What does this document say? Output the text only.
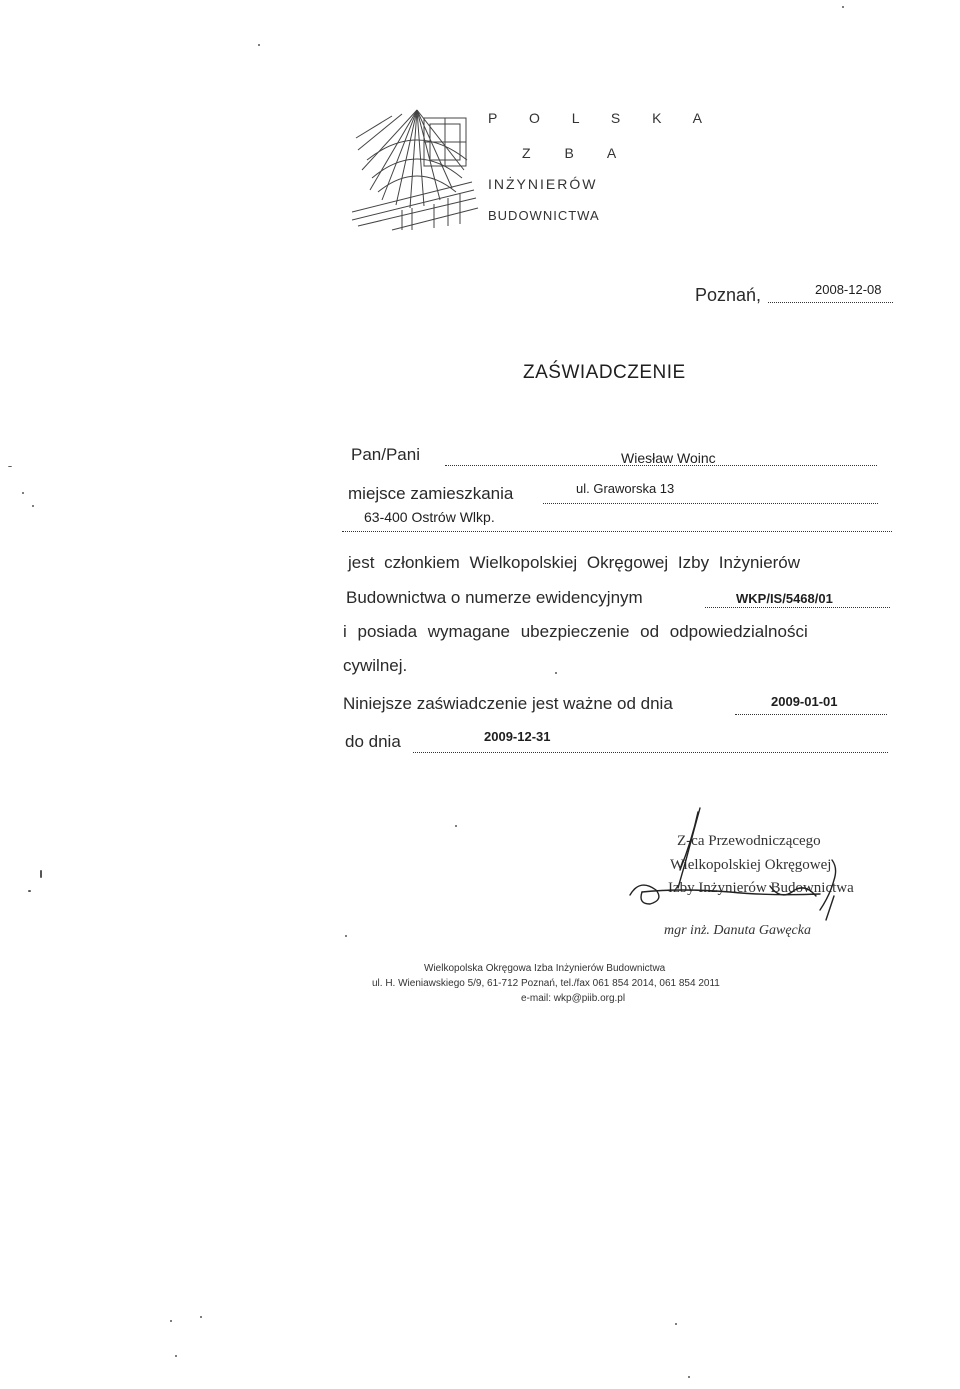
P O L S K A
Z B A
INŻYNIERÓW
BUDOWNICTWA
Poznań,	2008-12-08
ZAŚWIADCZENIE
Pan/Pani	Wiesław Woinc
miejsce zamieszkania	ul. Graworska 13
63-400 Ostrów Wlkp.
jest członkiem Wielkopolskiej Okręgowej Izby Inżynierów
Budownictwa o numerze ewidencyjnym	WKP/IS/5468/01
i posiada wymagane ubezpieczenie od odpowiedzialności
cywilnej.
Niniejsze zaświadczenie jest ważne od dnia	2009-01-01
do dnia	2009-12-31
Z-ca Przewodniczącego
Wielkopolskiej Okręgowej
Izby Inżynierów Budownictwa
mgr inż. Danuta Gawęcka
Wielkopolska Okręgowa Izba Inżynierów Budownictwa
ul. H. Wieniawskiego 5/9, 61-712 Poznań, tel./fax 061 854 2014, 061 854 2011
e-mail: wkp@piib.org.pl
